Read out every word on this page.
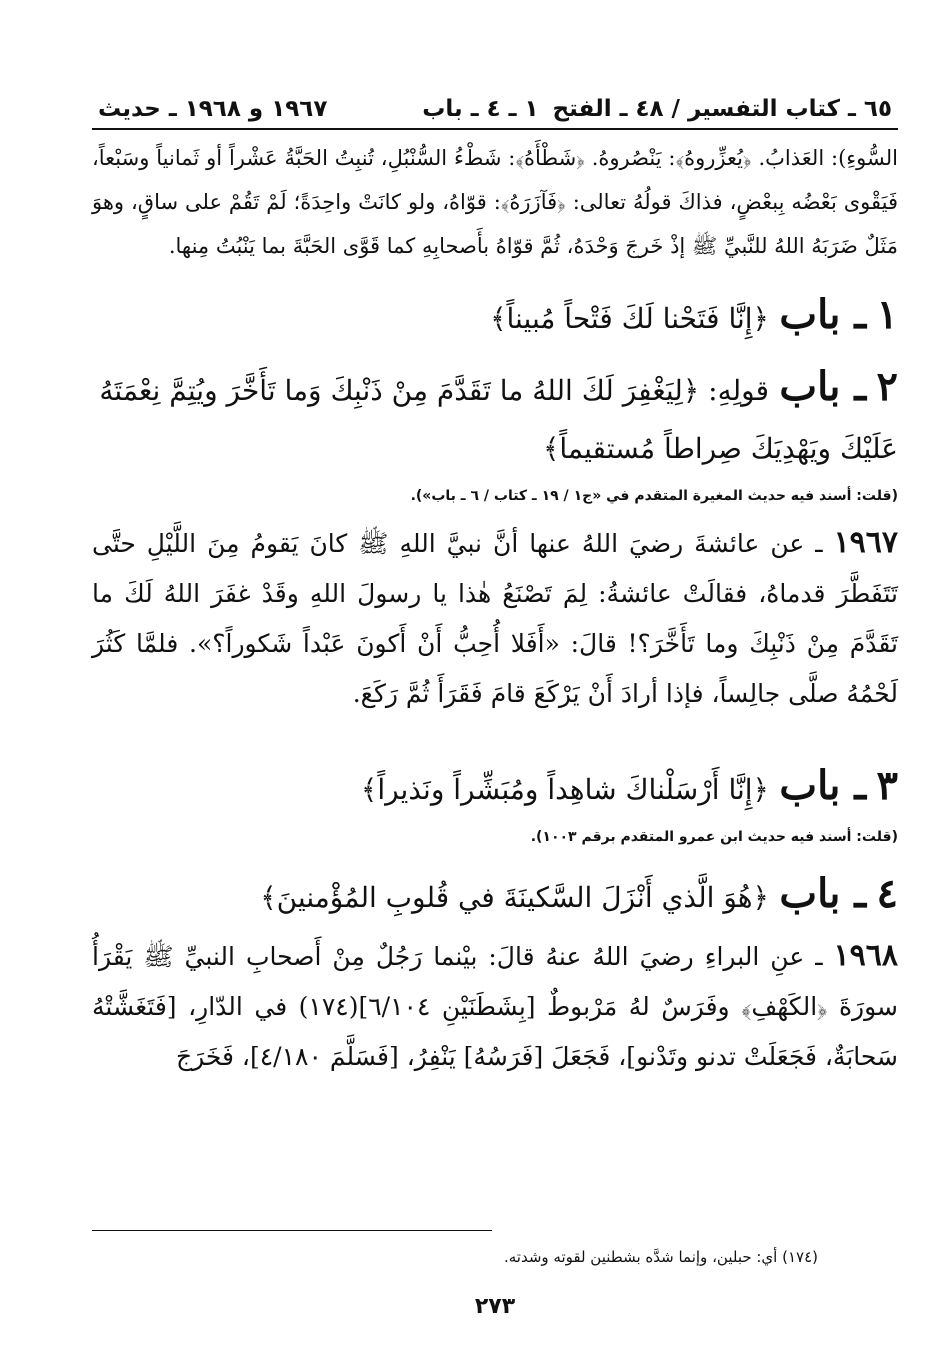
٦٥ ـ كتاب التفسير / ٤٨ ـ الفتح
١ ـ ٤ ـ باب
١٩٦٧ و ١٩٦٨ ـ حديث

السُّوءِ): العَذابُ. ﴿يُعزِّروهُ﴾: يَنْصُروهُ. ﴿شَطْأَهُ﴾: شَطْءُ السُّنْبُلِ، تُنبِتُ الحَبَّةُ عَشْراً أو ثَمانياً وسَبْعاً، فَيَقْوى بَعْضُه بِبعْضٍ، فذاكَ قولُهُ تعالى: ﴿فَآزَرَهُ﴾: قوّاهُ، ولو كانَتْ واحِدَةً؛ لَمْ تَقُمْ على ساقٍ، وهوَ مَثَلٌ ضَرَبَهُ اللهُ للنَّبيِّ ﷺ إذْ خَرجَ وَحْدَهُ، ثُمَّ قوّاهُ بأَصحابِهِ كما قَوَّى الحَبَّةَ بما يَنْبُتُ مِنها.

١ ـ باب ﴿إِنَّا فَتَحْنا لَكَ فَتْحاً مُبيناً﴾

٢ ـ باب قولِهِ: ﴿لِيَغْفِرَ لَكَ اللهُ ما تَقَدَّمَ مِنْ ذَنْبِكَ وَما تَأَخَّرَ ويُتِمَّ نِعْمَتَهُ عَلَيْكَ ويَهْدِيَكَ صِراطاً مُستقيماً﴾

(قلت: أسند فيه حديث المغيرة المتقدم في «ج١ / ١٩ ـ كتاب / ٦ ـ باب»).

١٩٦٧ ـ عن عائشةَ رضيَ اللهُ عنها أنَّ نبيَّ اللهِ ﷺ كانَ يَقومُ مِنَ اللَّيْلِ حتَّى تَتَفَطَّرَ قدماهُ، فقالَتْ عائشةُ: لِمَ تَصْنَعُ هٰذا يا رسولَ اللهِ وقَدْ غفَرَ اللهُ لَكَ ما تَقَدَّمَ مِنْ ذَنْبِكَ وما تَأَخَّرَ؟! قالَ: «أَفَلا أُحِبُّ أَنْ أَكونَ عَبْداً شَكوراً؟». فلمَّا كَثُرَ لَحْمُهُ صلَّى جالِساً، فإذا أرادَ أَنْ يَرْكَعَ قامَ فَقَرَأَ ثُمَّ رَكَعَ.

٣ ـ باب ﴿إِنَّا أَرْسَلْناكَ شاهِداً ومُبَشِّراً ونَذيراً﴾

(قلت: أسند فيه حديث ابن عمرو المتقدم برقم ١٠٠٣).

٤ ـ باب ﴿هُوَ الَّذي أَنْزَلَ السَّكينَةَ في قُلوبِ المُؤْمنينَ﴾

١٩٦٨ ـ عنِ البراءِ رضيَ اللهُ عنهُ قالَ: بيْنما رَجُلٌ مِنْ أَصحابِ النبيِّ ﷺ يَقْرَأُ سورَةَ ﴿الكَهْفِ﴾ وفَرَسٌ لهُ مَرْبوطٌ [بِشَطَنَيْنِ ٦/١٠٤](١٧٤) في الدّارِ، [فَتَغَشَّتْهُ سَحابَةٌ، فَجَعَلَتْ تدنو وتَدْنو]، فَجَعَلَ [فَرَسُهُ] يَنْفِرُ، [فَسَلَّمَ ٤/١٨٠]، فَخَرَجَ

(١٧٤) أي: حبلين، وإنما شدَّه بشطنين لقوته وشدته.
٢٧٣
